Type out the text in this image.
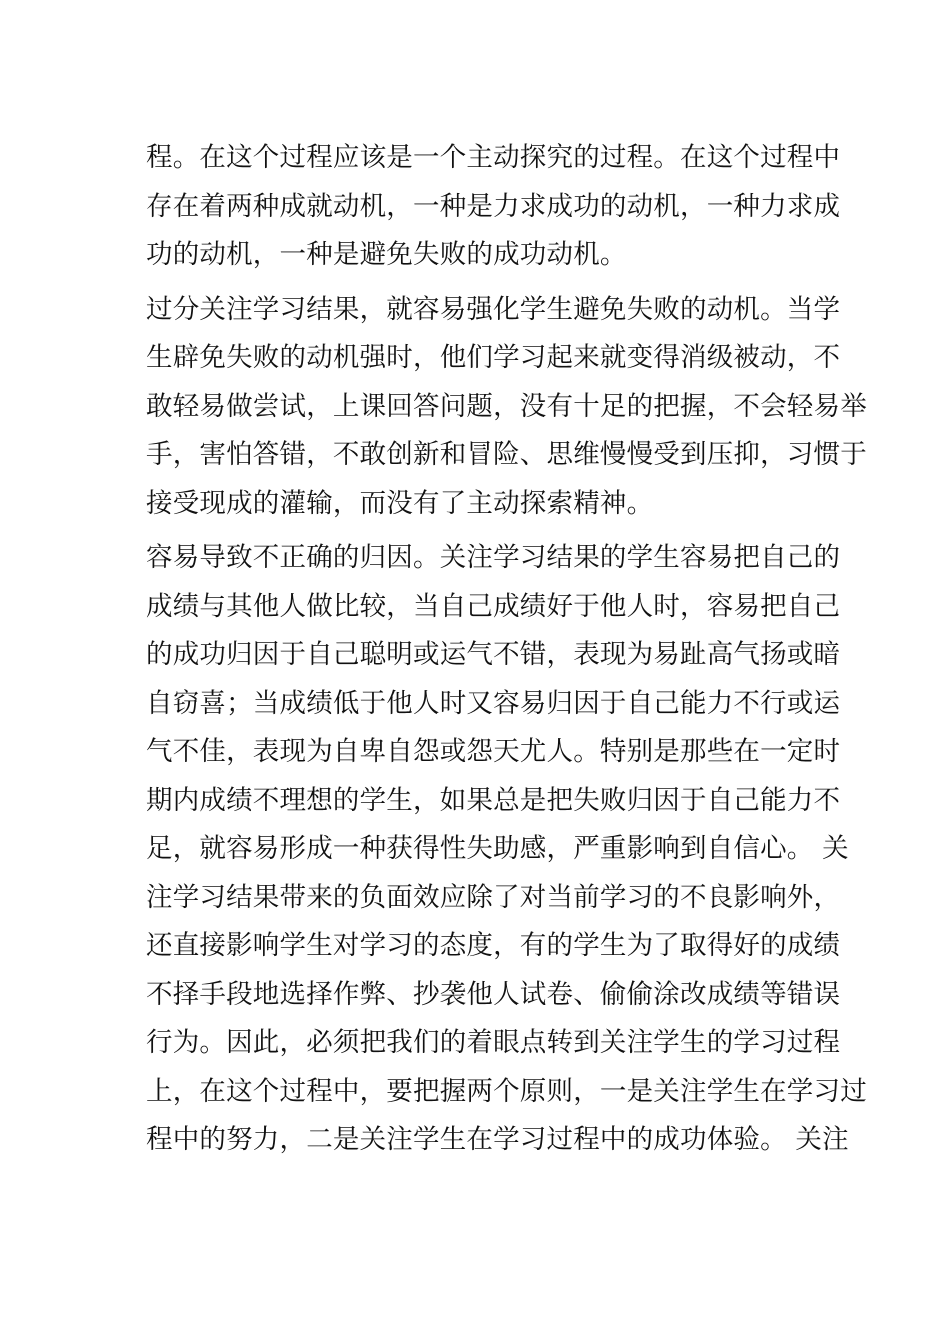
程。在这个过程应该是一个主动探究的过程。在这个过程中
存在着两种成就动机，一种是力求成功的动机，一种力求成
功的动机，一种是避免失败的成功动机。
过分关注学习结果，就容易强化学生避免失败的动机。当学
生辟免失败的动机强时，他们学习起来就变得消级被动，不
敢轻易做尝试，上课回答问题，没有十足的把握，不会轻易举
手，害怕答错，不敢创新和冒险、思维慢慢受到压抑，习惯于
接受现成的灌输，而没有了主动探索精神。
容易导致不正确的归因。关注学习结果的学生容易把自己的
成绩与其他人做比较，当自己成绩好于他人时，容易把自己
的成功归因于自己聪明或运气不错，表现为易趾高气扬或暗
自窃喜；当成绩低于他人时又容易归因于自己能力不行或运
气不佳，表现为自卑自怨或怨天尤人。特别是那些在一定时
期内成绩不理想的学生，如果总是把失败归因于自己能力不
足，就容易形成一种获得性失助感，严重影响到自信心。 关
注学习结果带来的负面效应除了对当前学习的不良影响外，
还直接影响学生对学习的态度，有的学生为了取得好的成绩
不择手段地选择作弊、抄袭他人试卷、偷偷涂改成绩等错误
行为。因此，必须把我们的着眼点转到关注学生的学习过程
上，在这个过程中，要把握两个原则，一是关注学生在学习过
程中的努力，二是关注学生在学习过程中的成功体验。 关注
